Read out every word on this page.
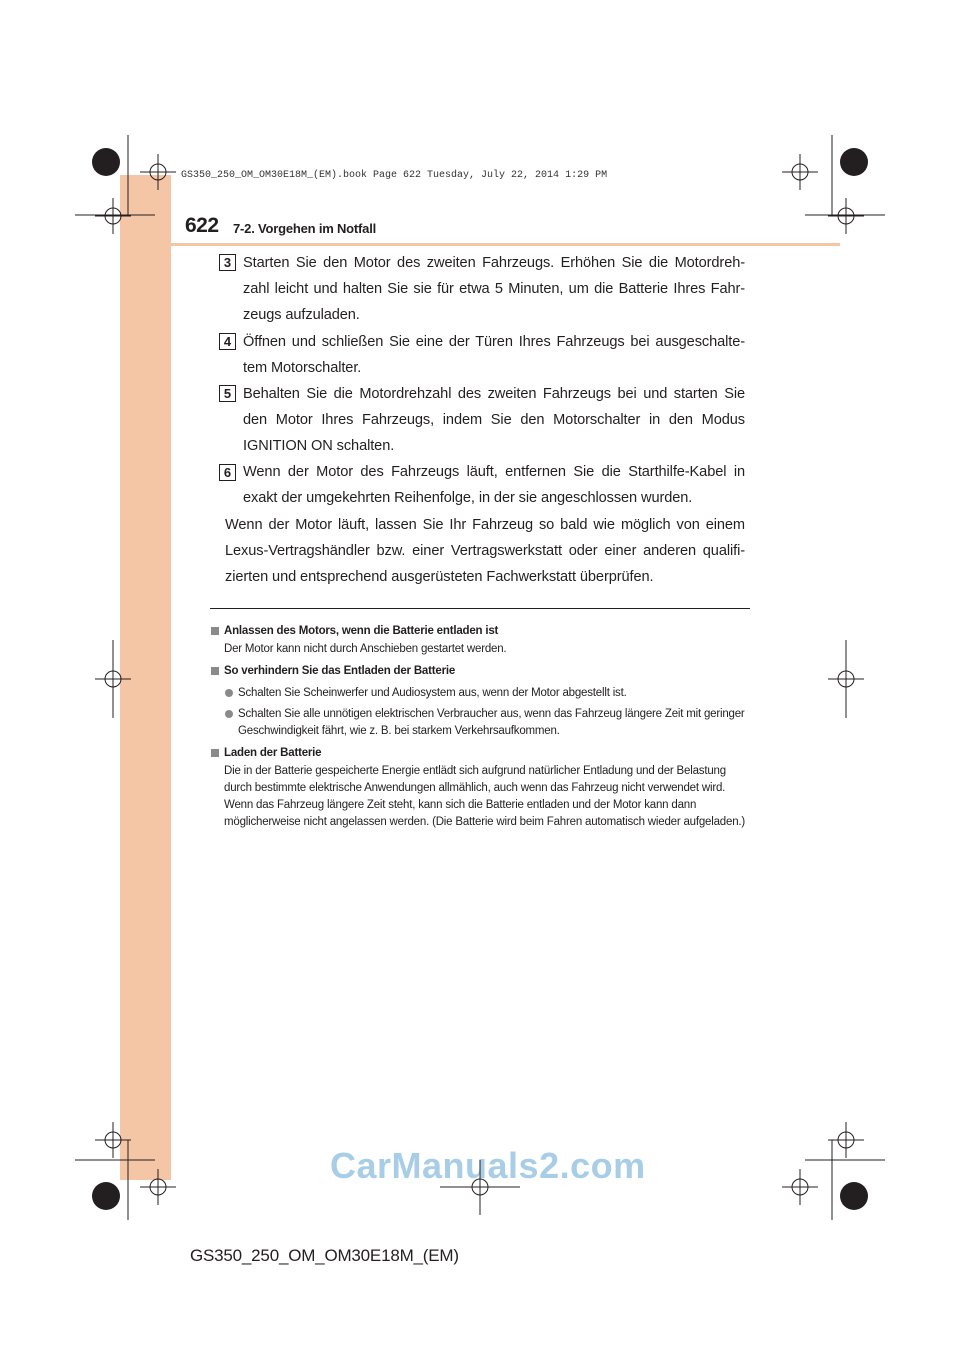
GS350_250_OM_OM30E18M_(EM).book Page 622 Tuesday, July 22, 2014 1:29 PM
622 7-2. Vorgehen im Notfall
3 Starten Sie den Motor des zweiten Fahrzeugs. Erhöhen Sie die Motordreh-zahl leicht und halten Sie sie für etwa 5 Minuten, um die Batterie Ihres Fahr-zeugs aufzuladen.
4 Öffnen und schließen Sie eine der Türen Ihres Fahrzeugs bei ausgeschalte-tem Motorschalter.
5 Behalten Sie die Motordrehzahl des zweiten Fahrzeugs bei und starten Sie den Motor Ihres Fahrzeugs, indem Sie den Motorschalter in den Modus IGNITION ON schalten.
6 Wenn der Motor des Fahrzeugs läuft, entfernen Sie die Starthilfe-Kabel in exakt der umgekehrten Reihenfolge, in der sie angeschlossen wurden.
Wenn der Motor läuft, lassen Sie Ihr Fahrzeug so bald wie möglich von einem Lexus-Vertragshändler bzw. einer Vertragswerkstatt oder einer anderen qualifi-zierten und entsprechend ausgerüsteten Fachwerkstatt überprüfen.
Anlassen des Motors, wenn die Batterie entladen ist
Der Motor kann nicht durch Anschieben gestartet werden.
So verhindern Sie das Entladen der Batterie
Schalten Sie Scheinwerfer und Audiosystem aus, wenn der Motor abgestellt ist.
Schalten Sie alle unnötigen elektrischen Verbraucher aus, wenn das Fahrzeug längere Zeit mit geringer Geschwindigkeit fährt, wie z. B. bei starkem Verkehrsaufkommen.
Laden der Batterie
Die in der Batterie gespeicherte Energie entlädt sich aufgrund natürlicher Entladung und der Belastung durch bestimmte elektrische Anwendungen allmählich, auch wenn das Fahrzeug nicht verwendet wird. Wenn das Fahrzeug längere Zeit steht, kann sich die Batterie entladen und der Motor kann dann möglicherweise nicht angelassen werden. (Die Batterie wird beim Fahren automatisch wieder aufgeladen.)
CarManuals2.com
GS350_250_OM_OM30E18M_(EM)
